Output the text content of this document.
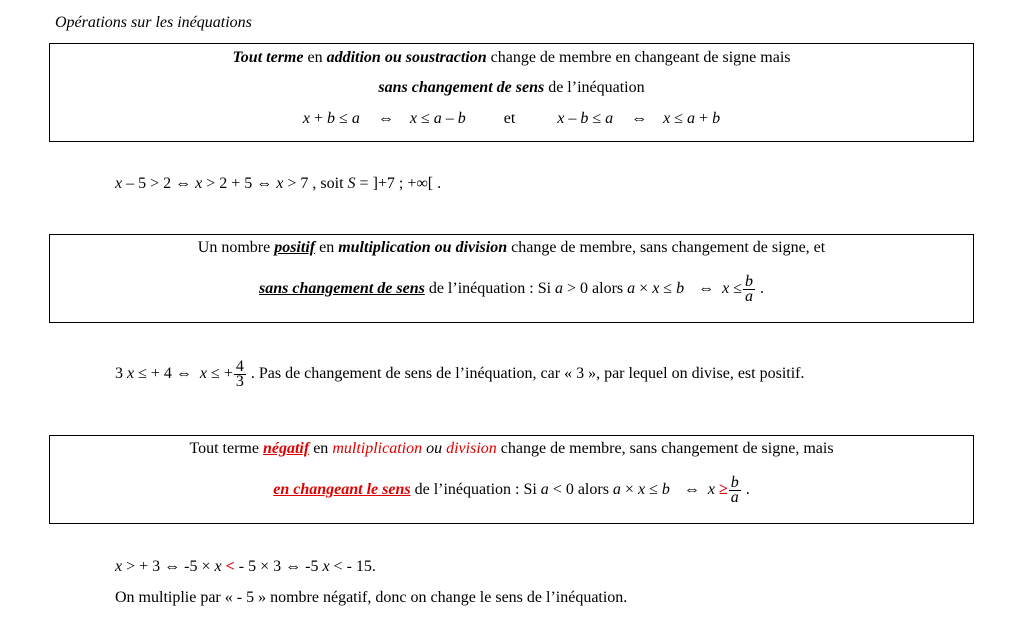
Opérations sur les inéquations
Tout terme en addition ou soustraction change de membre en changeant de signe mais
sans changement de sens de l’inéquation
x + b ≤ a ⇔ x ≤ a – b et	x – b ≤ a ⇔ x ≤ a + b
x – 5 > 2 ⇔ x > 2 + 5 ⇔ x > 7 , soit S = ]+7 ; +∞[ .
Un nombre positif en multiplication ou division change de membre, sans changement de signe, et
sans changement de sens de l’inéquation : Si a > 0 alors a × x ≤ b ⇔ $x \le \frac{b}{a}$ .
3 x ≤ + 4 ⇔ x ≤ + $\frac{4}{3}$ . Pas de changement de sens de l’inéquation, car « 3 », par lequel on divise, est positif.
Tout terme négatif en multiplication ou division change de membre, sans changement de signe, mais
en changeant le sens de l’inéquation : Si a < 0 alors a × x ≤ b ⇔ $x \ge \frac{b}{a}$ .
x > + 3 ⇔ -5 × x < - 5 × 3 ⇔ -5 x < - 15.
On multiplie par « - 5 » nombre négatif, donc on change le sens de l’inéquation.
